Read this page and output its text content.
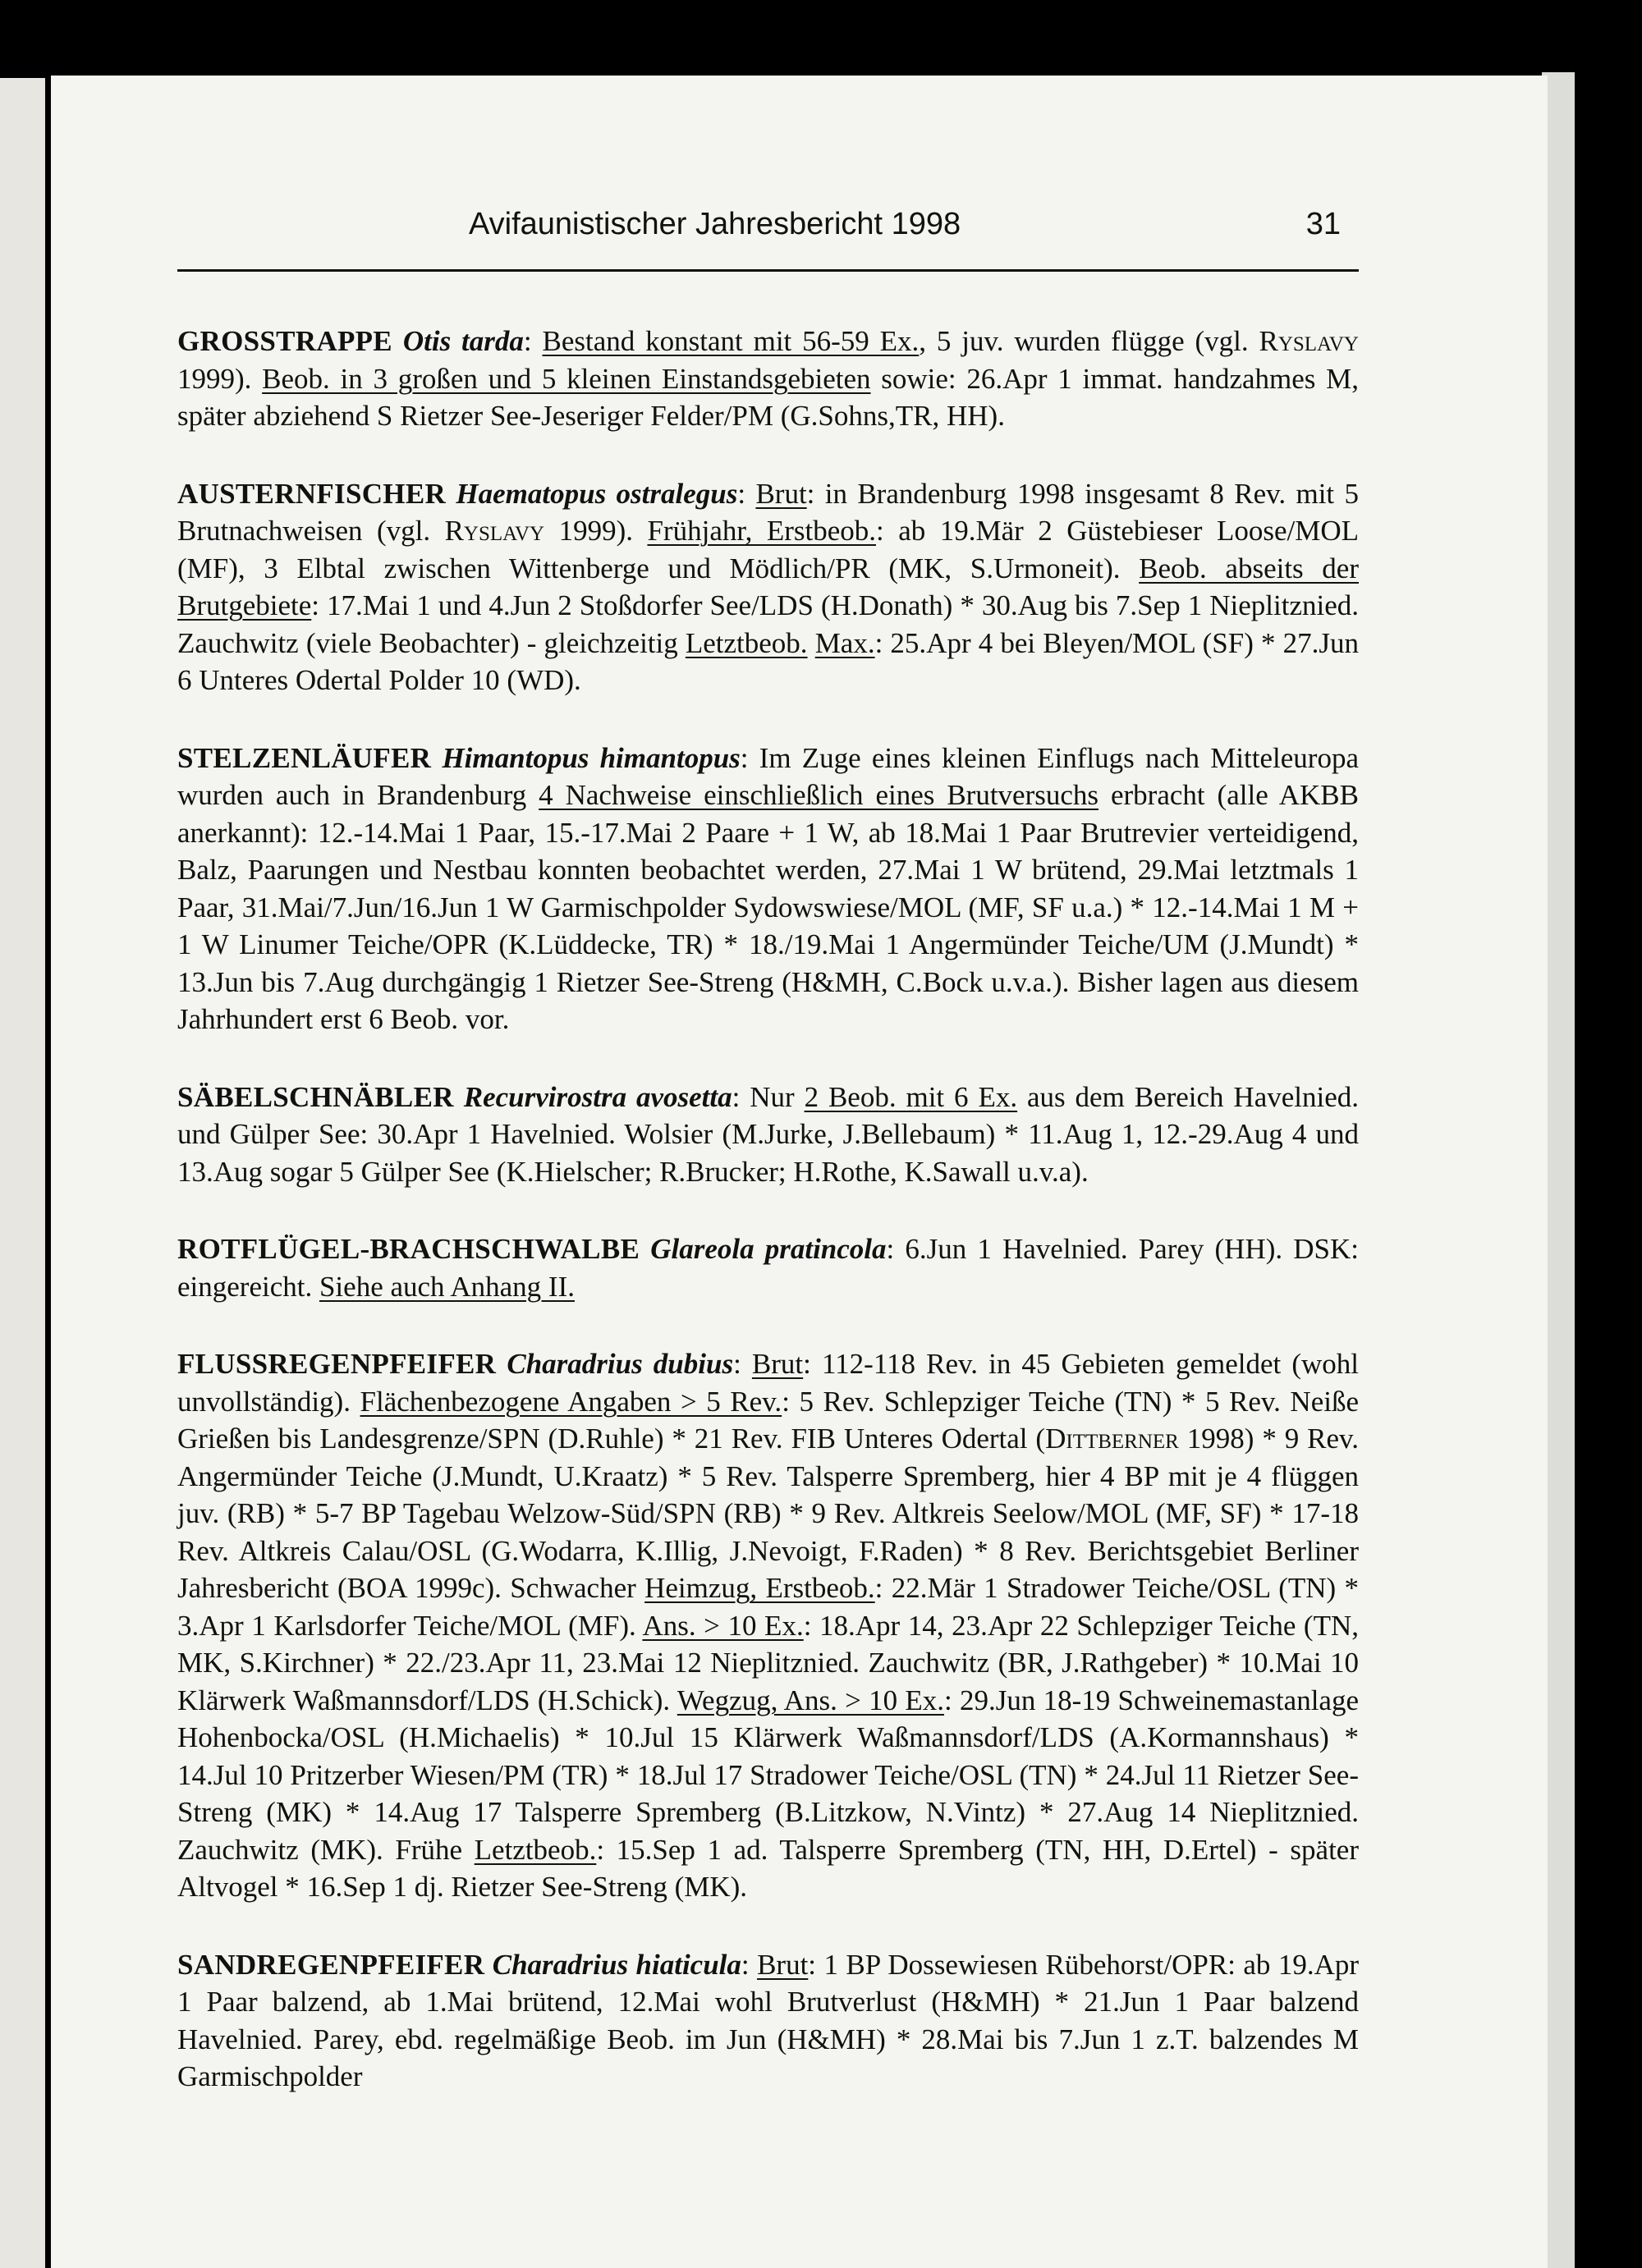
Avifaunistischer Jahresbericht 1998	31

GROSSTRAPPE Otis tarda: Bestand konstant mit 56-59 Ex., 5 juv. wurden flügge (vgl. Ryslavy 1999). Beob. in 3 großen und 5 kleinen Einstandsgebieten sowie: 26.Apr 1 immat. handzahmes M, später abziehend S Rietzer See-Jeseriger Felder/PM (G.Sohns,TR, HH).

AUSTERNFISCHER Haematopus ostralegus: Brut: in Brandenburg 1998 insgesamt 8 Rev. mit 5 Brutnachweisen (vgl. Ryslavy 1999). Frühjahr, Erstbeob.: ab 19.Mär 2 Güstebieser Loose/MOL (MF), 3 Elbtal zwischen Wittenberge und Mödlich/PR (MK, S.Urmoneit). Beob. abseits der Brutgebiete: 17.Mai 1 und 4.Jun 2 Stoßdorfer See/LDS (H.Donath) * 30.Aug bis 7.Sep 1 Nieplitznied. Zauchwitz (viele Beobachter) - gleichzeitig Letztbeob. Max.: 25.Apr 4 bei Bleyen/MOL (SF) * 27.Jun 6 Unteres Odertal Polder 10 (WD).

STELZENLÄUFER Himantopus himantopus: Im Zuge eines kleinen Einflugs nach Mitteleuropa wurden auch in Brandenburg 4 Nachweise einschließlich eines Brutversuchs erbracht (alle AKBB anerkannt): 12.-14.Mai 1 Paar, 15.-17.Mai 2 Paare + 1 W, ab 18.Mai 1 Paar Brutrevier verteidigend, Balz, Paarungen und Nestbau konnten beobachtet werden, 27.Mai 1 W brütend, 29.Mai letztmals 1 Paar, 31.Mai/7.Jun/16.Jun 1 W Garmischpolder Sydowswiese/MOL (MF, SF u.a.) * 12.-14.Mai 1 M + 1 W Linumer Teiche/OPR (K.Lüddecke, TR) * 18./19.Mai 1 Angermünder Teiche/UM (J.Mundt) * 13.Jun bis 7.Aug durchgängig 1 Rietzer See-Streng (H&MH, C.Bock u.v.a.). Bisher lagen aus diesem Jahrhundert erst 6 Beob. vor.

SÄBELSCHNÄBLER Recurvirostra avosetta: Nur 2 Beob. mit 6 Ex. aus dem Bereich Havelnied. und Gülper See: 30.Apr 1 Havelnied. Wolsier (M.Jurke, J.Bellebaum) * 11.Aug 1, 12.-29.Aug 4 und 13.Aug sogar 5 Gülper See (K.Hielscher; R.Brucker; H.Rothe, K.Sawall u.v.a).

ROTFLÜGEL-BRACHSCHWALBE Glareola pratincola: 6.Jun 1 Havelnied. Parey (HH). DSK: eingereicht. Siehe auch Anhang II.

FLUSSREGENPFEIFER Charadrius dubius: Brut: 112-118 Rev. in 45 Gebieten gemeldet (wohl unvollständig). Flächenbezogene Angaben > 5 Rev.: 5 Rev. Schlepziger Teiche (TN) * 5 Rev. Neiße Grießen bis Landesgrenze/SPN (D.Ruhle) * 21 Rev. FIB Unteres Odertal (Dittberner 1998) * 9 Rev. Angermünder Teiche (J.Mundt, U.Kraatz) * 5 Rev. Talsperre Spremberg, hier 4 BP mit je 4 flüggen juv. (RB) * 5-7 BP Tagebau Welzow-Süd/SPN (RB) * 9 Rev. Altkreis Seelow/MOL (MF, SF) * 17-18 Rev. Altkreis Calau/OSL (G.Wodarra, K.Illig, J.Nevoigt, F.Raden) * 8 Rev. Berichtsgebiet Berliner Jahresbericht (BOA 1999c). Schwacher Heimzug, Erstbeob.: 22.Mär 1 Stradower Teiche/OSL (TN) * 3.Apr 1 Karlsdorfer Teiche/MOL (MF). Ans. > 10 Ex.: 18.Apr 14, 23.Apr 22 Schlepziger Teiche (TN, MK, S.Kirchner) * 22./23.Apr 11, 23.Mai 12 Nieplitznied. Zauchwitz (BR, J.Rathgeber) * 10.Mai 10 Klärwerk Waßmannsdorf/LDS (H.Schick). Wegzug, Ans. > 10 Ex.: 29.Jun 18-19 Schweinemastanlage Hohenbocka/OSL (H.Michaelis) * 10.Jul 15 Klärwerk Waßmannsdorf/LDS (A.Kormannshaus) * 14.Jul 10 Pritzerber Wiesen/PM (TR) * 18.Jul 17 Stradower Teiche/OSL (TN) * 24.Jul 11 Rietzer See-Streng (MK) * 14.Aug 17 Talsperre Spremberg (B.Litzkow, N.Vintz) * 27.Aug 14 Nieplitznied. Zauchwitz (MK). Frühe Letztbeob.: 15.Sep 1 ad. Talsperre Spremberg (TN, HH, D.Ertel) - später Altvogel * 16.Sep 1 dj. Rietzer See-Streng (MK).

SANDREGENPFEIFER Charadrius hiaticula: Brut: 1 BP Dossewiesen Rübehorst/OPR: ab 19.Apr 1 Paar balzend, ab 1.Mai brütend, 12.Mai wohl Brutverlust (H&MH) * 21.Jun 1 Paar balzend Havelnied. Parey, ebd. regelmäßige Beob. im Jun (H&MH) * 28.Mai bis 7.Jun 1 z.T. balzendes M Garmischpolder
